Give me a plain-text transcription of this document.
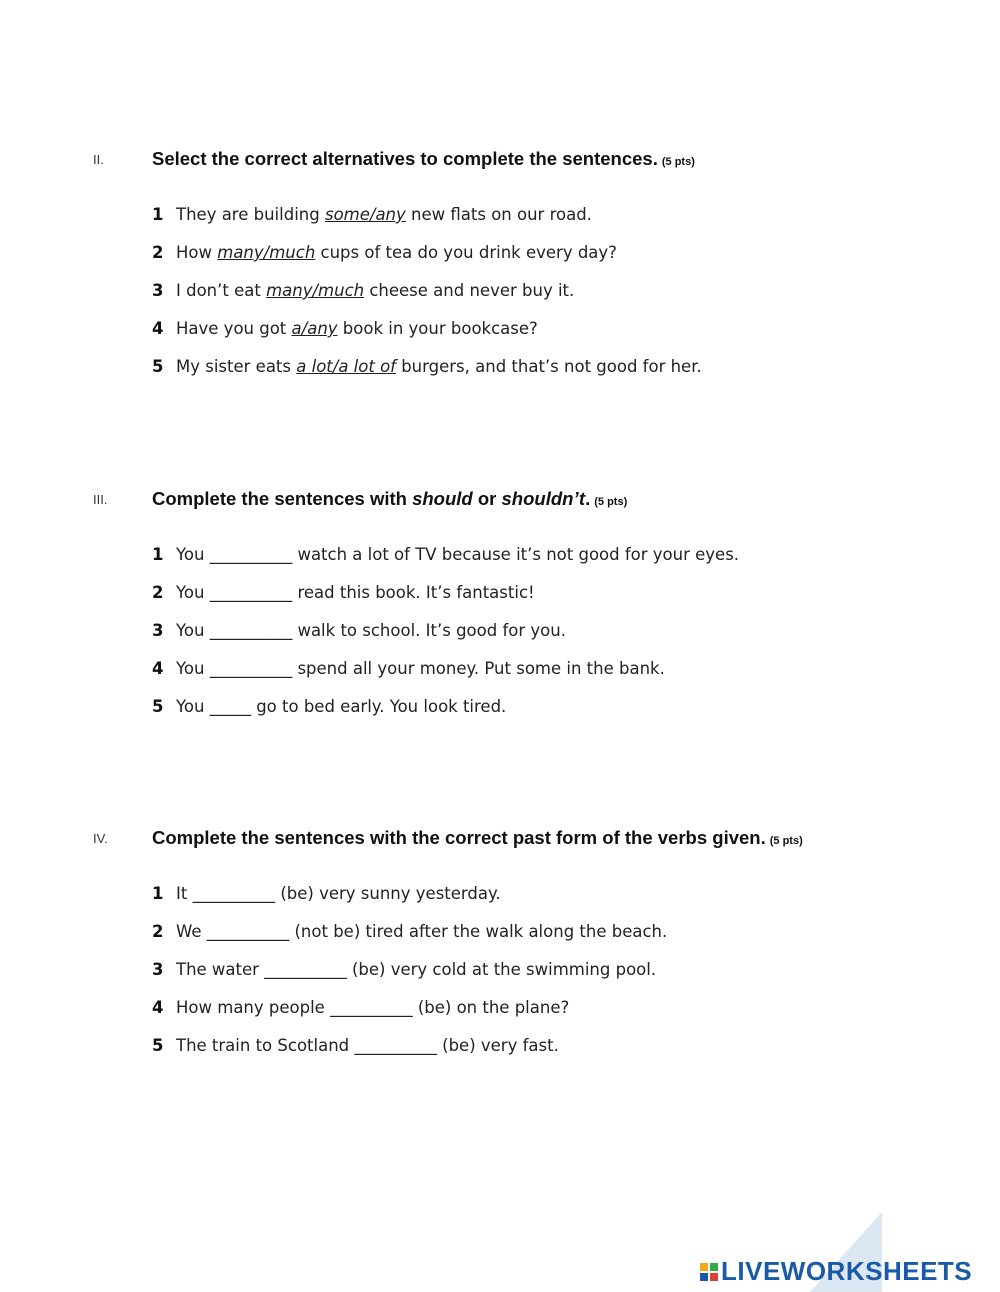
II.	Select the correct alternatives to complete the sentences. (5 pts)
1 They are building some/any new flats on our road.
2 How many/much cups of tea do you drink every day?
3 I don’t eat many/much cheese and never buy it.
4 Have you got a/any book in your bookcase?
5 My sister eats a lot/a lot of burgers, and that’s not good for her.
III. Complete the sentences with should or shouldn’t. (5 pts)
1 You __________ watch a lot of TV because it’s not good for your eyes.
2 You __________ read this book. It’s fantastic!
3 You __________ walk to school. It’s good for you.
4 You __________ spend all your money. Put some in the bank.
5 You _____ go to bed early. You look tired.
IV. Complete the sentences with the correct past form of the verbs given. (5 pts)
1 It __________ (be) very sunny yesterday.
2 We __________ (not be) tired after the walk along the beach.
3 The water __________ (be) very cold at the swimming pool.
4 How many people __________ (be) on the plane?
5 The train to Scotland __________ (be) very fast.
LIVEWORKSHEETS
